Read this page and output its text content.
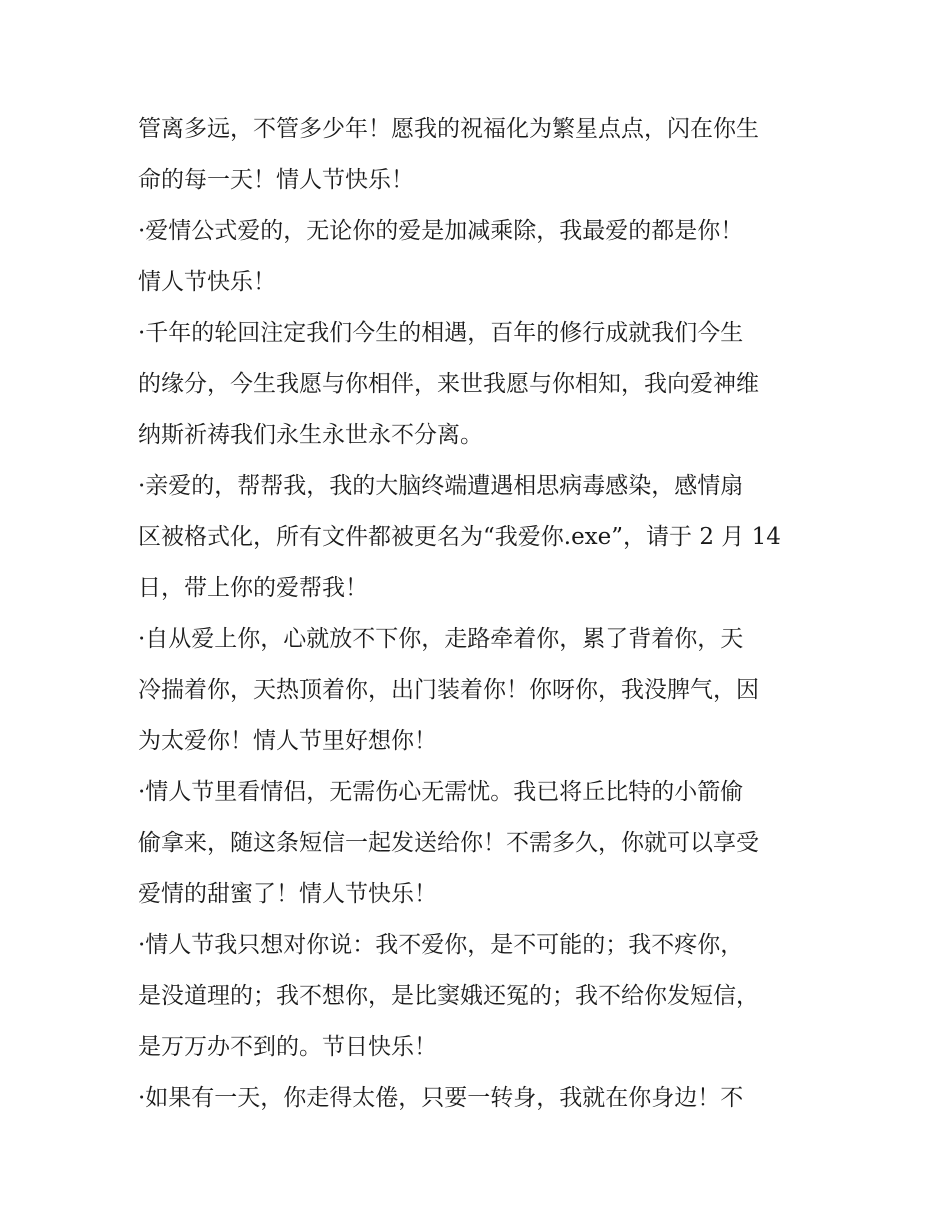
管离多远，不管多少年！愿我的祝福化为繁星点点，闪在你生
命的每一天！情人节快乐！
·爱情公式爱的，无论你的爱是加减乘除，我最爱的都是你！
情人节快乐！
·千年的轮回注定我们今生的相遇，百年的修行成就我们今生
的缘分，今生我愿与你相伴，来世我愿与你相知，我向爱神维
纳斯祈祷我们永生永世永不分离。
·亲爱的，帮帮我，我的大脑终端遭遇相思病毒感染，感情扇
区被格式化，所有文件都被更名为“我爱你.exe”，请于 2 月 14
日，带上你的爱帮我！
·自从爱上你，心就放不下你，走路牵着你，累了背着你，天
冷揣着你，天热顶着你，出门装着你！你呀你，我没脾气，因
为太爱你！情人节里好想你！
·情人节里看情侣，无需伤心无需忧。我已将丘比特的小箭偷
偷拿来，随这条短信一起发送给你！不需多久，你就可以享受
爱情的甜蜜了！情人节快乐！
·情人节我只想对你说：我不爱你，是不可能的；我不疼你，
是没道理的；我不想你，是比窦娥还冤的；我不给你发短信，
是万万办不到的。节日快乐！
·如果有一天，你走得太倦，只要一转身，我就在你身边！不
